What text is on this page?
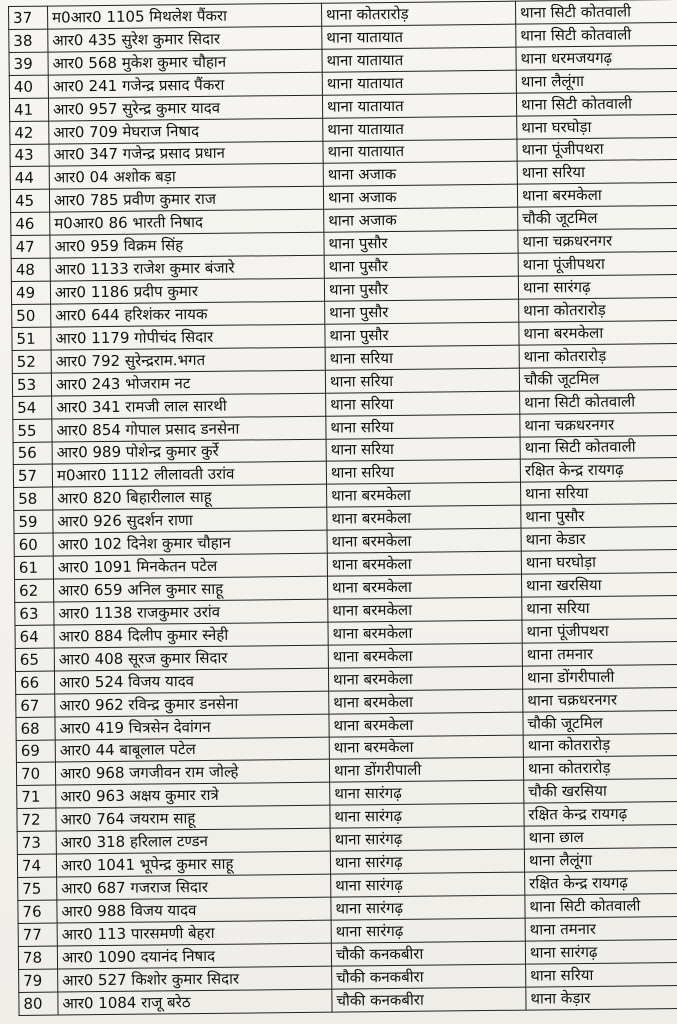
37	म0आर0 1105 मिथलेश पैंकरा	थाना कोतरारोड़	थाना सिटी कोतवाली
38	आर0 435 सुरेश कुमार सिदार	थाना यातायात	थाना सिटी कोतवाली
39	आर0 568 मुकेश कुमार चौहान	थाना यातायात	थाना धरमजयगढ़
40	आर0 241 गजेन्द्र प्रसाद पैंकरा	थाना यातायात	थाना लैलूंगा
41	आर0 957 सुरेन्द्र कुमार यादव	थाना यातायात	थाना सिटी कोतवाली
42	आर0 709 मेघराज निषाद	थाना यातायात	थाना घरघोड़ा
43	आर0 347 गजेन्द्र प्रसाद प्रधान	थाना यातायात	थाना पूंजीपथरा
44	आर0 04 अशोक बड़ा	थाना अजाक	थाना सरिया
45	आर0 785 प्रवीण कुमार राज	थाना अजाक	थाना बरमकेला
46	म0आर0 86 भारती निषाद	थाना अजाक	चौकी जूटमिल
47	आर0 959 विक्रम सिंह	थाना पुसौर	थाना चक्रधरनगर
48	आर0 1133 राजेश कुमार बंजारे	थाना पुसौर	थाना पूंजीपथरा
49	आर0 1186 प्रदीप कुमार	थाना पुसौर	थाना सारंगढ़
50	आर0 644 हरिशंकर नायक	थाना पुसौर	थाना कोतरारोड़
51	आर0 1179 गोपीचंद सिदार	थाना पुसौर	थाना बरमकेला
52	आर0 792 सुरेन्द्रराम.भगत	थाना सरिया	थाना कोतरारोड़
53	आर0 243 भोजराम नट	थाना सरिया	चौकी जूटमिल
54	आर0 341 रामजी लाल सारथी	थाना सरिया	थाना सिटी कोतवाली
55	आर0 854 गोपाल प्रसाद डनसेना	थाना सरिया	थाना चक्रधरनगर
56	आर0 989 पोशेन्द्र कुमार कुर्रे	थाना सरिया	थाना सिटी कोतवाली
57	म0आर0 1112 लीलावती उरांव	थाना सरिया	रक्षित केन्द्र रायगढ़
58	आर0 820 बिहारीलाल साहू	थाना बरमकेला	थाना सरिया
59	आर0 926 सुदर्शन राणा	थाना बरमकेला	थाना पुसौर
60	आर0 102 दिनेश कुमार चौहान	थाना बरमकेला	थाना केडार
61	आर0 1091 मिनकेतन पटेल	थाना बरमकेला	थाना घरघोड़ा
62	आर0 659 अनिल कुमार साहू	थाना बरमकेला	थाना खरसिया
63	आर0 1138 राजकुमार उरांव	थाना बरमकेला	थाना सरिया
64	आर0 884 दिलीप कुमार स्नेही	थाना बरमकेला	थाना पूंजीपथरा
65	आर0 408 सूरज कुमार सिदार	थाना बरमकेला	थाना तमनार
66	आर0 524 विजय यादव	थाना बरमकेला	थाना डोंगरीपाली
67	आर0 962 रविन्द्र कुमार डनसेना	थाना बरमकेला	थाना चक्रधरनगर
68	आर0 419 चित्रसेन देवांगन	थाना बरमकेला	चौकी जूटमिल
69	आर0 44 बाबूलाल पटेल	थाना बरमकेला	थाना कोतरारोड़
70	आर0 968 जगजीवन राम जोल्हे	थाना डोंगरीपाली	थाना कोतरारोड़
71	आर0 963 अक्षय कुमार रात्रे	थाना सारंगढ़	चौकी खरसिया
72	आर0 764 जयराम साहू	थाना सारंगढ़	रक्षित केन्द्र रायगढ़
73	आर0 318 हरिलाल टण्डन	थाना सारंगढ़	थाना छाल
74	आर0 1041 भूपेन्द्र कुमार साहू	थाना सारंगढ़	थाना लैलूंगा
75	आर0 687 गजराज सिदार	थाना सारंगढ़	रक्षित केन्द्र रायगढ़
76	आर0 988 विजय यादव	थाना सारंगढ़	थाना सिटी कोतवाली
77	आर0 113 पारसमणी बेहरा	थाना सारंगढ़	थाना तमनार
78	आर0 1090 दयानंद निषाद	चौकी कनकबीरा	थाना सारंगढ़
79	आर0 527 किशोर कुमार सिदार	चौकी कनकबीरा	थाना सरिया
80	आर0 1084 राजू बरेठ	चौकी कनकबीरा	थाना केड़ार
